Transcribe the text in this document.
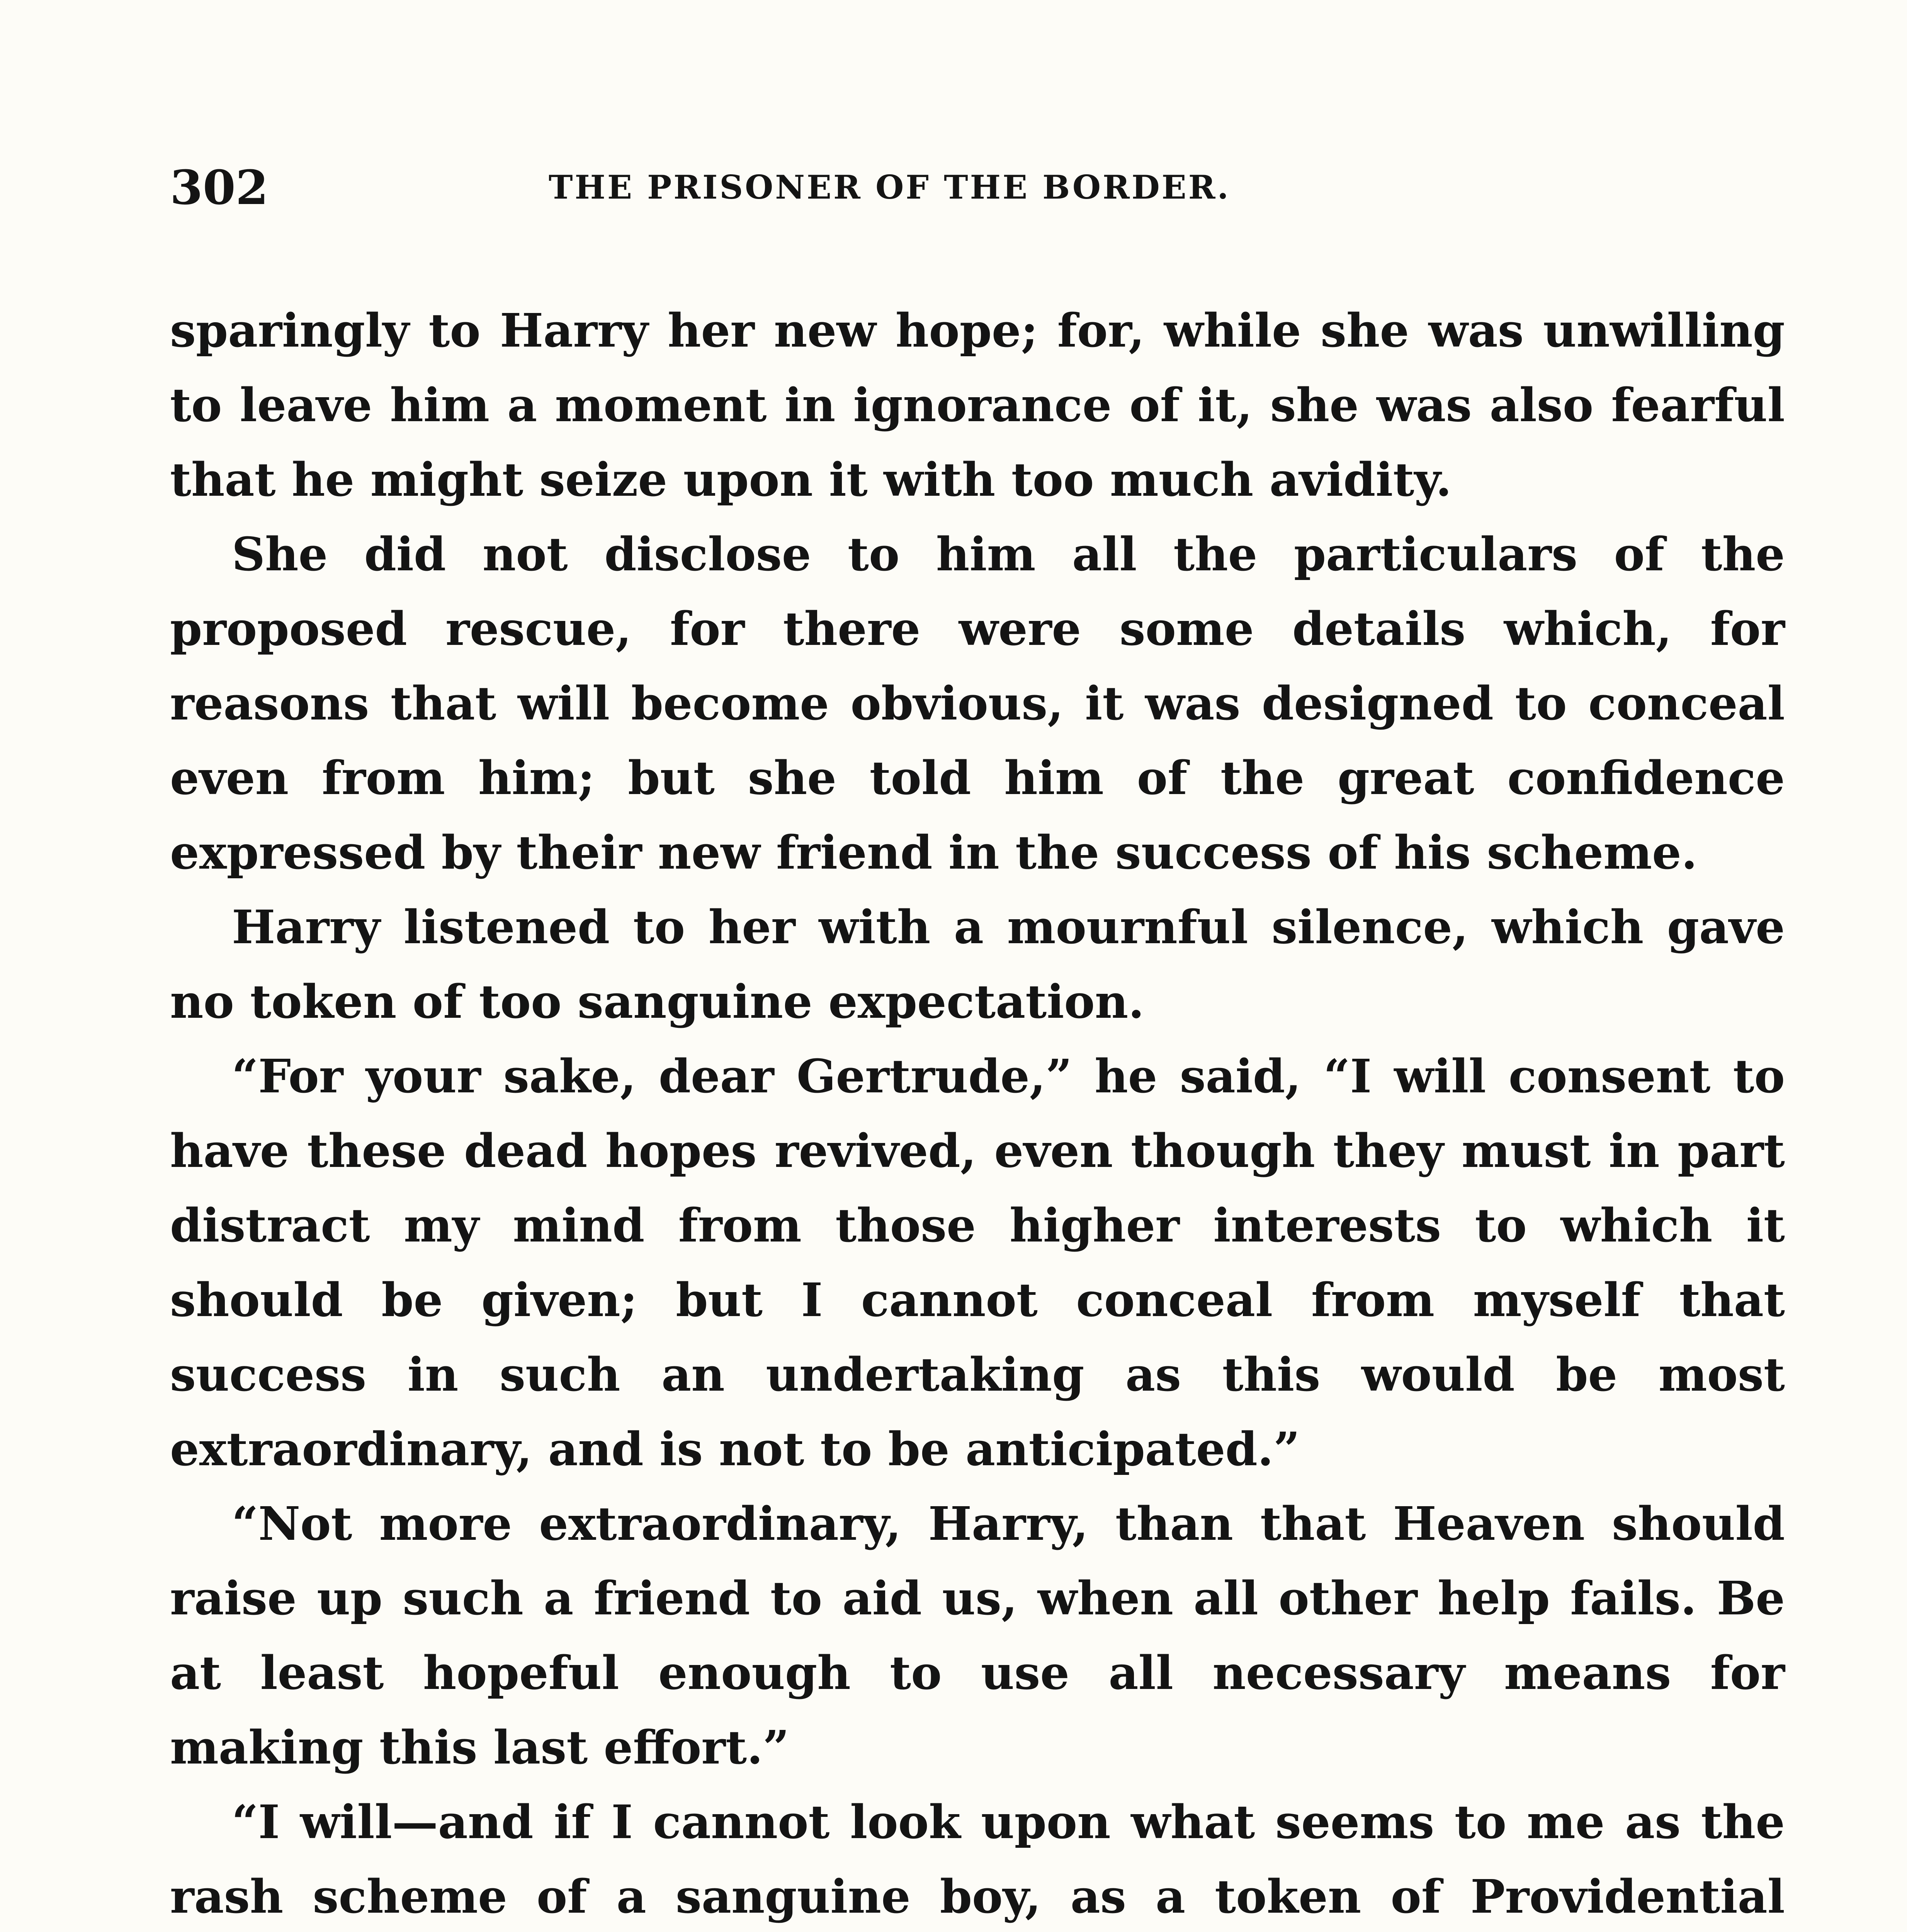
302	THE PRISONER OF THE BORDER.

sparingly to Harry her new hope; for, while she was unwilling to leave him a moment in ignorance of it, she was also fearful that he might seize upon it with too much avidity.

She did not disclose to him all the particulars of the proposed rescue, for there were some details which, for reasons that will become obvious, it was designed to conceal even from him; but she told him of the great confidence expressed by their new friend in the success of his scheme.

Harry listened to her with a mournful silence, which gave no token of too sanguine expectation.

“For your sake, dear Gertrude,” he said, “I will consent to have these dead hopes revived, even though they must in part distract my mind from those higher interests to which it should be given; but I cannot conceal from myself that success in such an undertaking as this would be most extraordinary, and is not to be anticipated.”

“Not more extraordinary, Harry, than that Heaven should raise up such a friend to aid us, when all other help fails. Be at least hopeful enough to use all necessary means for making this last effort.”

“I will—and if I cannot look upon what seems to me as the rash scheme of a sanguine boy, as a token of Providential
